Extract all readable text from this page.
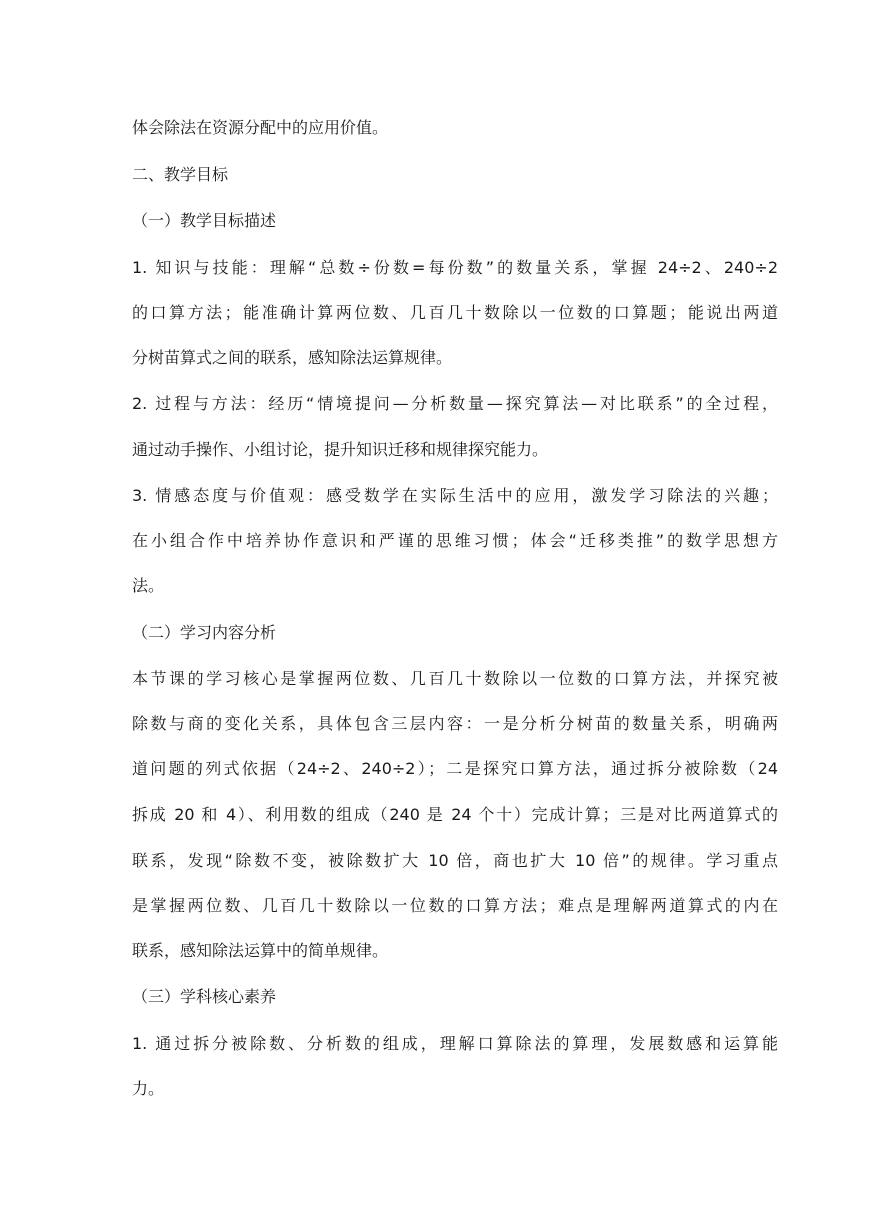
体会除法在资源分配中的应用价值。
二、教学目标
（一）教学目标描述
1. 知识与技能：理解“总数÷份数=每份数”的数量关系，掌握 24÷2、240÷2
的口算方法；能准确计算两位数、几百几十数除以一位数的口算题；能说出两道
分树苗算式之间的联系，感知除法运算规律。
2. 过程与方法：经历“情境提问—分析数量—探究算法—对比联系”的全过程，
通过动手操作、小组讨论，提升知识迁移和规律探究能力。
3. 情感态度与价值观：感受数学在实际生活中的应用，激发学习除法的兴趣；
在小组合作中培养协作意识和严谨的思维习惯；体会“迁移类推”的数学思想方
法。
（二）学习内容分析
本节课的学习核心是掌握两位数、几百几十数除以一位数的口算方法，并探究被
除数与商的变化关系，具体包含三层内容：一是分析分树苗的数量关系，明确两
道问题的列式依据（24÷2、240÷2）；二是探究口算方法，通过拆分被除数（24
拆成 20 和 4）、利用数的组成（240 是 24 个十）完成计算；三是对比两道算式的
联系，发现“除数不变，被除数扩大 10 倍，商也扩大 10 倍”的规律。学习重点
是掌握两位数、几百几十数除以一位数的口算方法；难点是理解两道算式的内在
联系，感知除法运算中的简单规律。
（三）学科核心素养
1. 通过拆分被除数、分析数的组成，理解口算除法的算理，发展数感和运算能
力。
